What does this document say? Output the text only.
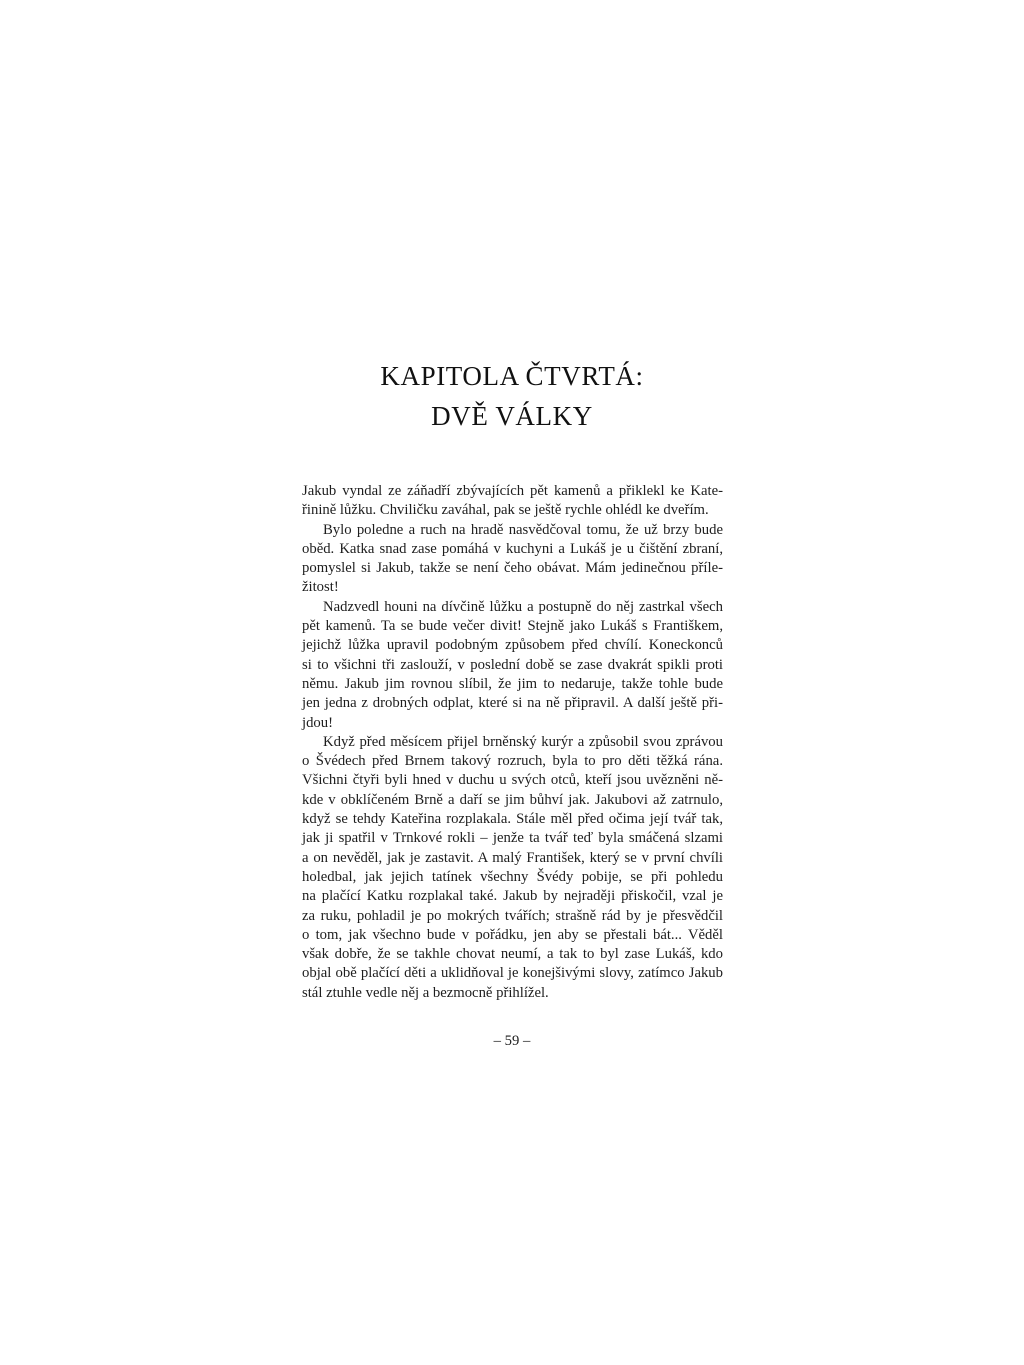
KAPITOLA ČTVRTÁ:
DVĚ VÁLKY

Jakub vyndal ze záňadří zbývajících pět kamenů a přiklekl ke Kate-
řinině lůžku. Chviličku zaváhal, pak se ještě rychle ohlédl ke dveřím.

Bylo poledne a ruch na hradě nasvědčoval tomu, že už brzy bude
oběd. Katka snad zase pomáhá v kuchyni a Lukáš je u čištění zbraní,
pomyslel si Jakub, takže se není čeho obávat. Mám jedinečnou příle-
žitost!

Nadzvedl houni na dívčině lůžku a postupně do něj zastrkal všech
pět kamenů. Ta se bude večer divit! Stejně jako Lukáš s Františkem,
jejichž lůžka upravil podobným způsobem před chvílí. Koneckonců
si to všichni tři zaslouží, v poslední době se zase dvakrát spikli proti
němu. Jakub jim rovnou slíbil, že jim to nedaruje, takže tohle bude
jen jedna z drobných odplat, které si na ně připravil. A další ještě při-
jdou!

Když před měsícem přijel brněnský kurýr a způsobil svou zprávou
o Švédech před Brnem takový rozruch, byla to pro děti těžká rána.
Všichni čtyři byli hned v duchu u svých otců, kteří jsou uvězněni ně-
kde v obklíčeném Brně a daří se jim bůhví jak. Jakubovi až zatrnulo,
když se tehdy Kateřina rozplakala. Stále měl před očima její tvář tak,
jak ji spatřil v Trnkové rokli – jenže ta tvář teď byla smáčená slzami
a on nevěděl, jak je zastavit. A malý František, který se v první chvíli
holedbal, jak jejich tatínek všechny Švédy pobije, se při pohledu
na plačící Katku rozplakal také. Jakub by nejraději přiskočil, vzal je
za ruku, pohladil je po mokrých tvářích; strašně rád by je přesvědčil
o tom, jak všechno bude v pořádku, jen aby se přestali bát... Věděl
však dobře, že se takhle chovat neumí, a tak to byl zase Lukáš, kdo
objal obě plačící děti a uklidňoval je konejšivými slovy, zatímco Jakub
stál ztuhle vedle něj a bezmocně přihlížel.

– 59 –
